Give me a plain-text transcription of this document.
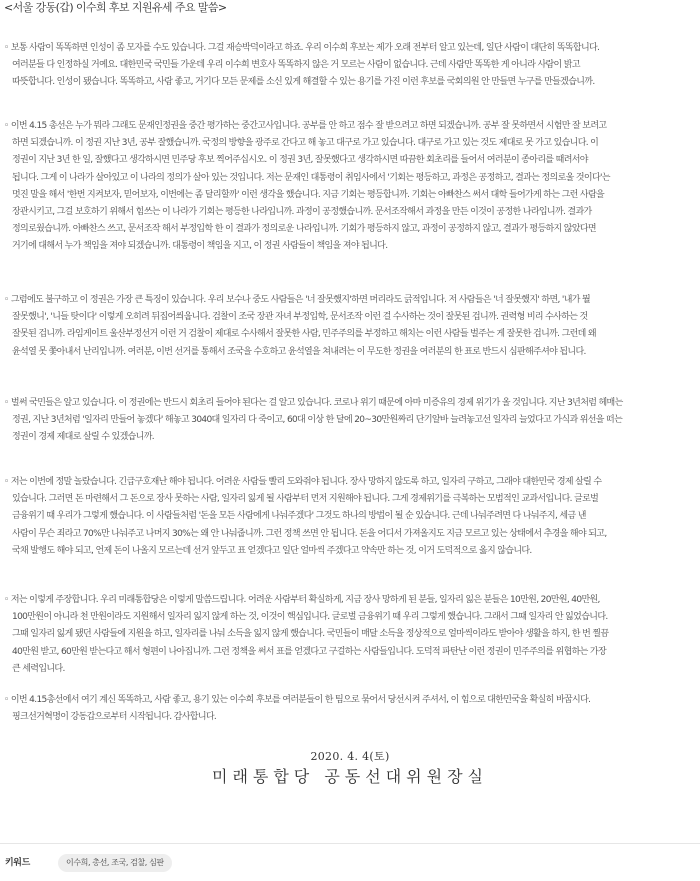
<서울 강동(갑) 이수희 후보 지원유세 주요 말씀>
◦ 보통 사람이 똑똑하면 인성이 좀 모자를 수도 있습니다. 그걸 재승박덕이라고 하죠. 우리 이수희 후보는 제가 오래 전부터 알고 있는데, 일단 사람이 대단히 똑똑합니다.
여러분들 다 인정하실 거예요. 대한민국 국민들 가운데 우리 이수희 변호사 똑똑하지 않은 거 모르는 사람이 없습니다. 근데 사람만 똑똑한 게 아니라 사람이 밝고
따뜻합니다. 인성이 됐습니다. 똑똑하고, 사람 좋고, 거기다 모든 문제를 소신 있게 해결할 수 있는 용기를 가진 이런 후보를 국회의원 안 만들면 누구를 만들겠습니까.
◦ 이번 4.15 총선은 누가 뭐라 그래도 문재인정권을 중간 평가하는 중간고사입니다. 공부를 안 하고 점수 잘 받으려고 하면 되겠습니까. 공부 잘 못하면서 시험만 잘 보려고
하면 되겠습니까. 이 정권 지난 3년, 공부 잘했습니까. 국정의 방향을 광주로 간다고 해 놓고 대구로 가고 있습니다. 대구로 가고 있는 것도 제대로 못 가고 있습니다. 이
정권이 지난 3년 한 일, 잘했다고 생각하시면 민주당 후보 찍어주십시오. 이 정권 3년, 잘못했다고 생각하시면 따끔한 회초리를 들어서 여러분이 종아리를 때려서야
됩니다. 그게 이 나라가 살아있고 이 나라의 정의가 살아 있는 것입니다. 저는 문재인 대통령이 취임사에서 '기회는 평등하고, 과정은 공정하고, 결과는 정의로울 것이다'는
멋진 말을 해서 '한번 지켜보자, 믿어보자, 이번에는 좀 달리할까' 이런 생각을 했습니다. 지금 기회는 평등합니까. 기회는 아빠찬스 써서 대학 들어가게 하는 그런 사람을
장관시키고, 그걸 보호하기 위해서 힘쓰는 이 나라가 기회는 평등한 나라입니까. 과정이 공정했습니까. 문서조작해서 과정을 만든 이것이 공정한 나라입니까. 결과가
정의로웠습니까. 아빠찬스 쓰고, 문서조작 해서 부정입학 한 이 결과가 정의로운 나라입니까. 기회가 평등하지 않고, 과정이 공정하지 않고, 결과가 평등하지 않았다면
거기에 대해서 누가 책임을 져야 되겠습니까. 대통령이 책임을 지고, 이 정권 사람들이 책임을 져야 됩니다.
◦ 그럼에도 불구하고 이 정권은 가장 큰 특징이 있습니다. 우리 보수나 중도 사람들은 '너 잘못했지'하면 머리라도 긁적입니다. 저 사람들은 '너 잘못했지' 하면, '내가 뭘
잘못했니', '니들 탓이다' 이렇게 오히려 뒤집어씌웁니다. 검찰이 조국 장관 자녀 부정입학, 문서조작 이런 걸 수사하는 것이 잘못된 겁니까. 권력형 비리 수사하는 것
잘못된 겁니까. 라임게이트 울산부정선거 이런 거 검찰이 제대로 수사해서 잘못한 사람, 민주주의를 부정하고 해치는 이런 사람들 벌주는 게 잘못한 겁니까. 그런데 왜
윤석열 못 쫓아내서 난리입니까. 여러분, 이번 선거를 통해서 조국을 수호하고 윤석열을 쳐내려는 이 무도한 정권을 여러분의 한 표로 반드시 심판해주셔야 됩니다.
◦ 벌써 국민들은 알고 있습니다. 이 정권에는 반드시 회초리 들어야 된다는 걸 알고 있습니다. 코로나 위기 때문에 아마 미증유의 경제 위기가 올 것입니다. 지난 3년처럼 헤매는
정권, 지난 3년처럼 '일자리 만들어 놓겠다' 해놓고 3040대 일자리 다 죽이고, 60대 이상 한 달에 20~30만원짜리 단기알바 늘려놓고선 일자리 늘었다고 가식과 위선을 떠는
정권이 경제 제대로 살릴 수 있겠습니까.
◦ 저는 이번에 정말 놀랐습니다. 긴급구호재난 해야 됩니다. 어려운 사람들 빨리 도와줘야 됩니다. 장사 망하지 않도록 하고, 일자리 구하고, 그래야 대한민국 경제 살릴 수
있습니다. 그러면 돈 마련해서 그 돈으로 장사 못하는 사람, 일자리 잃게 될 사람부터 먼저 지원해야 됩니다. 그게 경제위기를 극복하는 모범적인 교과서입니다. 글로벌
금융위기 때 우리가 그렇게 했습니다. 이 사람들처럼 '돈을 모든 사람에게 나눠주겠다' 그것도 하나의 방법이 될 순 있습니다. 근데 나눠주려면 다 나눠주지, 세금 낸
사람이 무슨 죄라고 70%만 나눠주고 나머지 30%는 왜 안 나눠줍니까. 그런 정책 쓰면 안 됩니다. 돈을 어디서 가져올지도 지금 모르고 있는 상태에서 추경을 해야 되고,
국채 발행도 해야 되고, 언제 돈이 나올지 모르는데 선거 앞두고 표 얻겠다고 일단 얼마씩 주겠다고 약속만 하는 것, 이거 도덕적으로 옳지 않습니다.
◦ 저는 이렇게 주장합니다. 우리 미래통합당은 이렇게 말씀드립니다. 어려운 사람부터 확실하게, 지금 장사 망하게 된 분들, 일자리 잃은 분들은 10만원, 20만원, 40만원,
100만원이 아니라 천 만원이라도 지원해서 일자리 잃지 않게 하는 것, 이것이 핵심입니다. 글로벌 금융위기 때 우리 그렇게 했습니다. 그래서 그때 일자리 안 잃었습니다.
그때 일자리 잃게 됐던 사람들에 지원을 하고, 일자리를 나눠 소득을 잃지 않게 했습니다. 국민들이 매달 소득을 정상적으로 얼마씩이라도 받아야 생활을 하지, 한 번 찔끔
40만원 받고, 60만원 받는다고 해서 형편이 나아집니까. 그런 정책을 써서 표를 얻겠다고 구걸하는 사람들입니다. 도덕적 파탄난 이런 정권이 민주주의를 위협하는 가장
큰 세력입니다.
◦ 이번 4.15총선에서 여기 계신 똑똑하고, 사람 좋고, 용기 있는 이수희 후보를 여러분들이 한 팀으로 묶어서 당선시켜 주셔서, 이 힘으로 대한민국을 확실히 바꿉시다.
핑크선거혁명이 강동갑으로부터 시작됩니다. 감사합니다.
2020. 4. 4(토)
미래통합당 공동선대위원장실
키워드	이수희, 총선, 조국, 검찰, 심판
